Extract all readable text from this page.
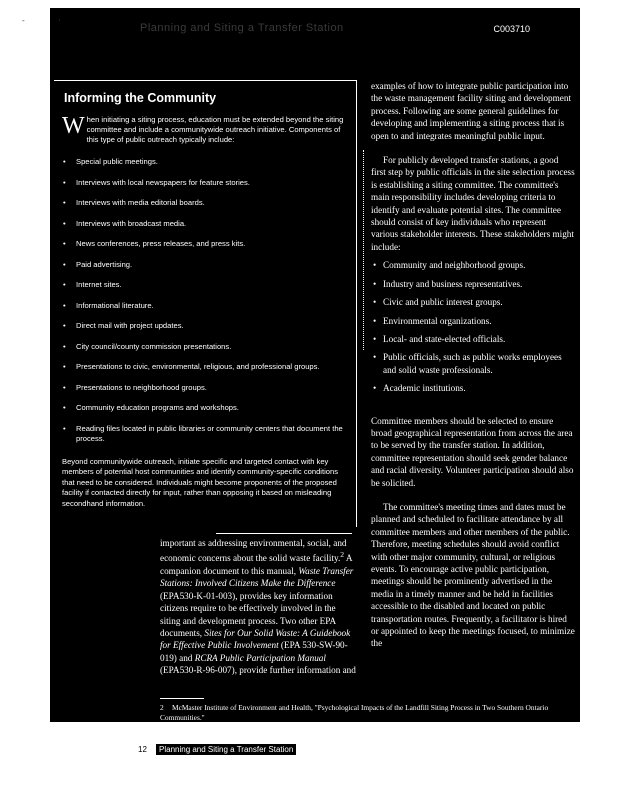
-	·
Planning and Siting a Transfer Station	C003710
Informing the Community
When initiating a siting process, education must be extended beyond the siting committee and include a communitywide outreach initiative. Components of this type of public outreach typically include:
• Special public meetings.
• Interviews with local newspapers for feature stories.
• Interviews with media editorial boards.
• Interviews with broadcast media.
• News conferences, press releases, and press kits.
• Paid advertising.
• Internet sites.
• Informational literature.
• Direct mail with project updates.
• City council/county commission presentations.
• Presentations to civic, environmental, religious, and professional groups.
• Presentations to neighborhood groups.
• Community education programs and workshops.
• Reading files located in public libraries or community centers that document the process.
Beyond communitywide outreach, initiate specific and targeted contact with key members of potential host communities and identify community-specific conditions that need to be considered. Individuals might become proponents of the proposed facility if contacted directly for input, rather than opposing it based on misleading secondhand information.

examples of how to integrate public participation into the waste management facility siting and development process. Following are some general guidelines for developing and implementing a siting process that is open to and integrates meaningful public input.

For publicly developed transfer stations, a good first step by public officials in the site selection process is establishing a siting committee. The committee's main responsibility includes developing criteria to identify and evaluate potential sites. The committee should consist of key individuals who represent various stakeholder interests. These stakeholders might include:

• Community and neighborhood groups.
• Industry and business representatives.
• Civic and public interest groups.
• Environmental organizations.
• Local- and state-elected officials.
• Public officials, such as public works employees and solid waste professionals.
• Academic institutions.

Committee members should be selected to ensure broad geographical representation from across the area to be served by the transfer station. In addition, committee representation should seek gender balance and racial diversity. Volunteer participation should also be solicited.

The committee's meeting times and dates must be planned and scheduled to facilitate attendance by all committee members and other members of the public. Therefore, meeting schedules should avoid conflict with other major community, cultural, or religious events. To encourage active public participation, meetings should be prominently advertised in the media in a timely manner and be held in facilities accessible to the disabled and located on public transportation routes. Frequently, a facilitator is hired or appointed to keep the meetings focused, to minimize the

important as addressing environmental, social, and economic concerns about the solid waste facility.$^2$ A companion document to this manual, Waste Transfer Stations: Involved Citizens Make the Difference (EPA530-K-01-003), provides key information citizens require to be effectively involved in the siting and development process. Two other EPA documents, Sites for Our Solid Waste: A Guidebook for Effective Public Involvement (EPA 530-SW-90-019) and RCRA Public Participation Manual (EPA530-R-96-007), provide further information and

2 McMaster Institute of Environment and Health, "Psychological Impacts of the Landfill Siting Process in Two Southern Ontario Communities."
12 Planning and Siting a Transfer Station
